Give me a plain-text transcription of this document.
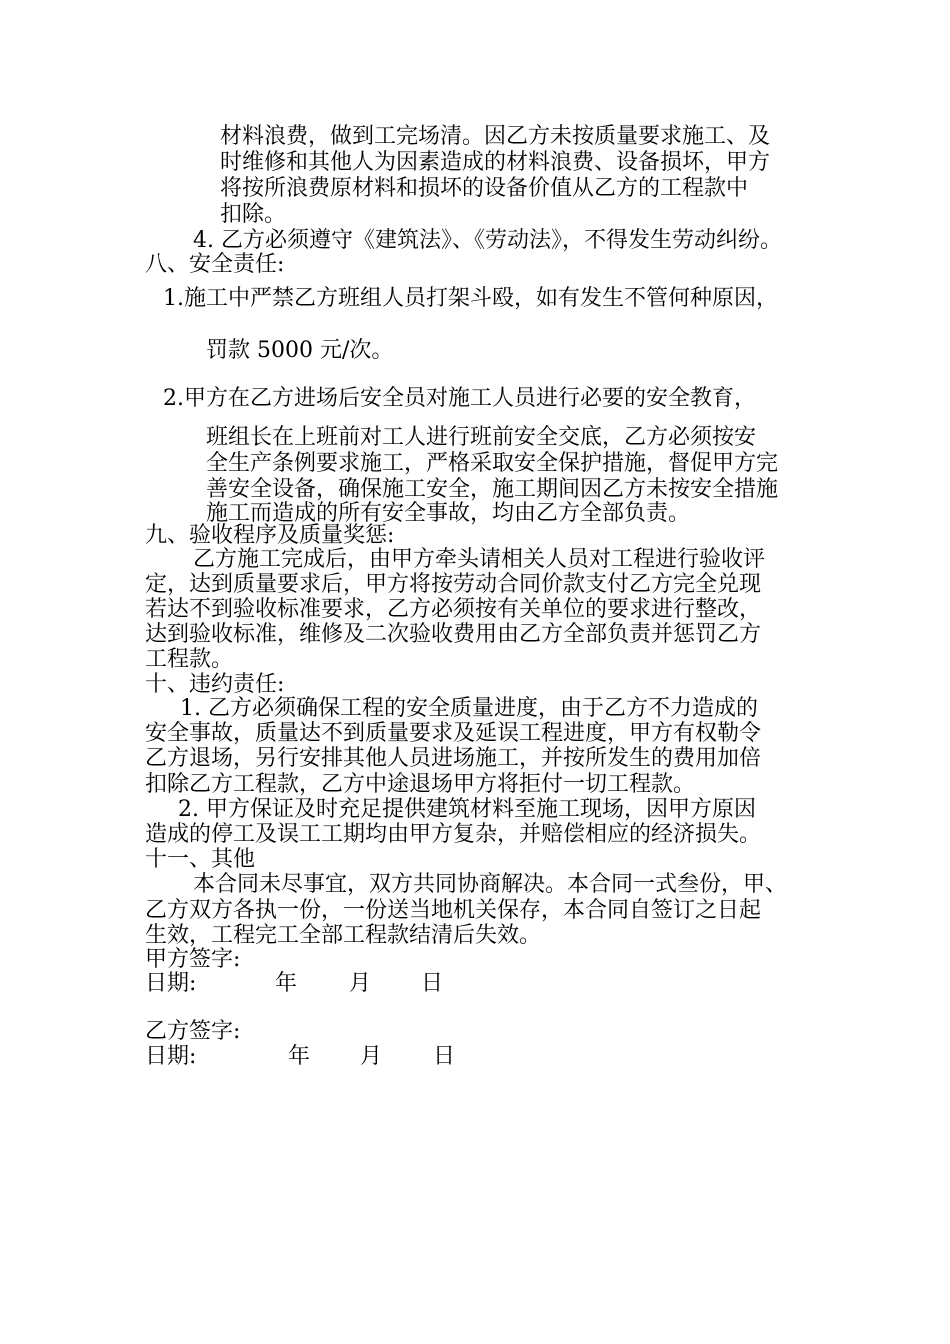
材料浪费，做到工完场清。因乙方未按质量要求施工、及
时维修和其他人为因素造成的材料浪费、设备损坏，甲方
将按所浪费原材料和损坏的设备价值从乙方的工程款中
扣除。
4. 乙方必须遵守《建筑法》、《劳动法》，不得发生劳动纠纷。
八、安全责任:
1.施工中严禁乙方班组人员打架斗殴，如有发生不管何种原因，
罚款 5000 元/次。
2.甲方在乙方进场后安全员对施工人员进行必要的安全教育，
班组长在上班前对工人进行班前安全交底，乙方必须按安
全生产条例要求施工，严格采取安全保护措施，督促甲方完
善安全设备，确保施工安全，施工期间因乙方未按安全措施
施工而造成的所有安全事故，均由乙方全部负责。
九、验收程序及质量奖惩:
乙方施工完成后，由甲方牵头请相关人员对工程进行验收评
定，达到质量要求后，甲方将按劳动合同价款支付乙方完全兑现
若达不到验收标准要求，乙方必须按有关单位的要求进行整改，
达到验收标准，维修及二次验收费用由乙方全部负责并惩罚乙方
工程款。
十、违约责任:
1. 乙方必须确保工程的安全质量进度，由于乙方不力造成的
安全事故，质量达不到质量要求及延误工程进度，甲方有权勒令
乙方退场，另行安排其他人员进场施工，并按所发生的费用加倍
扣除乙方工程款，乙方中途退场甲方将拒付一切工程款。
2. 甲方保证及时充足提供建筑材料至施工现场，因甲方原因
造成的停工及误工工期均由甲方复杂，并赔偿相应的经济损失。
十一、其他
本合同未尽事宜，双方共同协商解决。本合同一式叁份，甲、
乙方双方各执一份，一份送当地机关保存，本合同自签订之日起
生效，工程完工全部工程款结清后失效。
甲方签字:
日期:	年 月 日
乙方签字:
日期:	年 月 日
